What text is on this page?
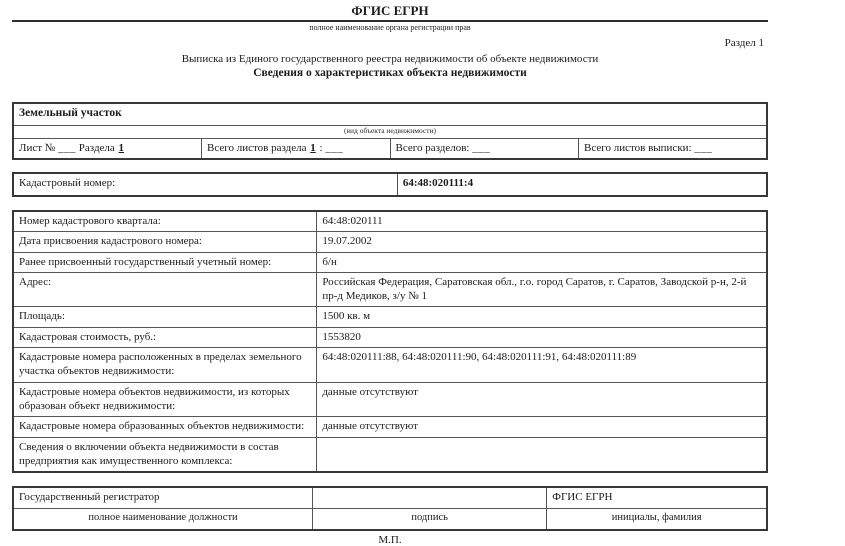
ФГИС ЕГРН
полное наименование органа регистрации прав
Раздел 1
Выписка из Единого государственного реестра недвижимости об объекте недвижимости
Сведения о характеристиках объекта недвижимости
Земельный участок
(вид объекта недвижимости)
Лист № ___ Раздела 1	Всего листов раздела 1 : ___	Всего разделов: ___	Всего листов выписки: ___
Кадастровый номер:	64:48:020111:4
Номер кадастрового квартала:	64:48:020111
Дата присвоения кадастрового номера:	19.07.2002
Ранее присвоенный государственный учетный номер:	б/н
Адрес:	Российская Федерация, Саратовская обл., г.о. город Саратов, г. Саратов, Заводской р-н, 2-й пр-д Медиков, з/у № 1
Площадь:	1500 кв. м
Кадастровая стоимость, руб.:	1553820
Кадастровые номера расположенных в пределах земельного участка объектов недвижимости:	64:48:020111:88, 64:48:020111:90, 64:48:020111:91, 64:48:020111:89
Кадастровые номера объектов недвижимости, из которых образован объект недвижимости:	данные отсутствуют
Кадастровые номера образованных объектов недвижимости:	данные отсутствуют
Сведения о включении объекта недвижимости в состав предприятия как имущественного комплекса:	
Государственный регистратор		ФГИС ЕГРН
полное наименование должности	подпись	инициалы, фамилия
М.П.
